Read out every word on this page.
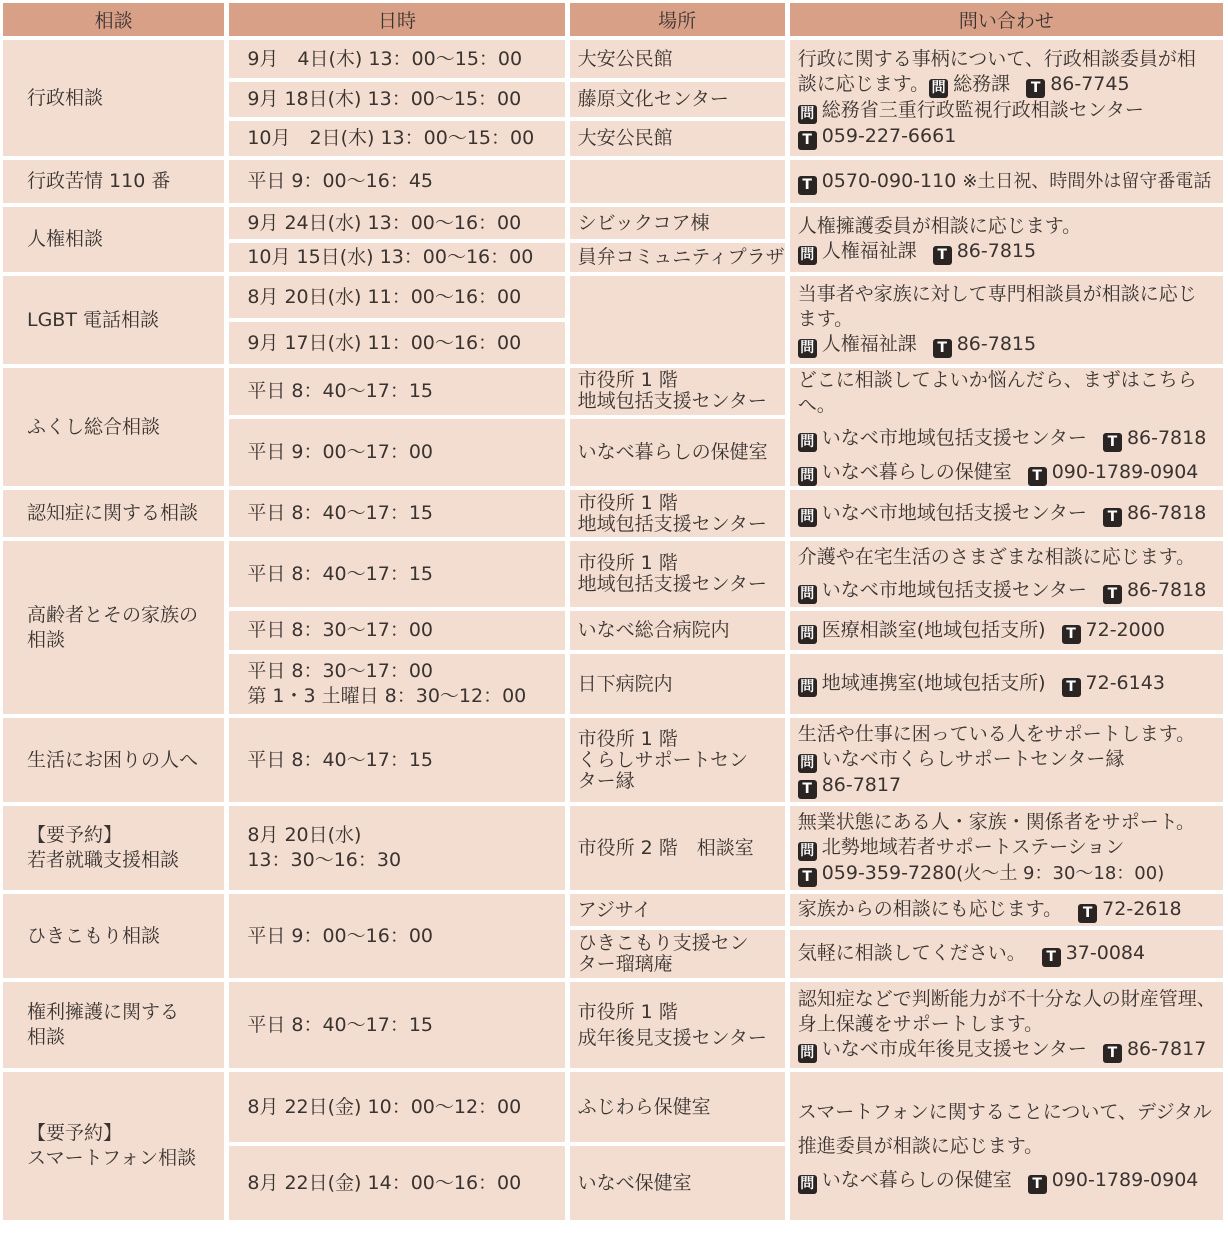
相談	日時	場所	問い合わせ
行政相談	9月　4日(木) 13：00～15：00	大安公民館	行政に関する事柄について、行政相談委員が相
談に応じます。 問 総務課 T 86-7745
問 総務省三重行政監視行政相談センター
T 059-227-6661

	9月 18日(木) 13：00～15：00	藤原文化センター	
	10月　2日(木) 13：00～15：00	大安公民館	
行政苦情 110 番	平日 9：00～16：45		T 0570-090-110 ※土日祝、時間外は留守番電話
人権相談	9月 24日(水) 13：00～16：00	シビックコア棟	人権擁護委員が相談に応じます。
問 人権福祉課 T 86-7815

	10月 15日(水) 13：00～16：00	員弁コミュニティプラザ	
LGBT 電話相談	8月 20日(水) 11：00～16：00		当事者や家族に対して専門相談員が相談に応じ
ます。
問 人権福祉課 T 86-7815

	9月 17日(水) 11：00～16：00		
ふくし総合相談	平日 8：40～17：15	市役所 1 階
地域包括支援センター	どこに相談してよいか悩んだら、まずはこちらへ。
問 いなべ市地域包括支援センター T 86-7818
問 いなべ暮らしの保健室 T 090-1789-0904

	平日 9：00～17：00	いなべ暮らしの保健室	
認知症に関する相談	平日 8：40～17：15	市役所 1 階
地域包括支援センター	問 いなべ市地域包括支援センター T 86-7818

高齢者とその家族の
相談	平日 8：40～17：15	市役所 1 階
地域包括支援センター	介護や在宅生活のさまざまな相談に応じます。
問 いなべ市地域包括支援センター T 86-7818

	平日 8：30～17：00	いなべ総合病院内	問 医療相談室(地域包括支所) T 72-2000

	平日 8：30～17：00
第 1・3 土曜日 8：30～12：00	日下病院内	問 地域連携室(地域包括支所) T 72-6143
生活にお困りの人へ	平日 8：40～17：15	市役所 1 階
くらしサポートセン
ター縁	生活や仕事に困っている人をサポートします。
問 いなべ市くらしサポートセンター縁
T 86-7817

【要予約】
若者就職支援相談	8月 20日(水)
13：30～16：30	市役所 2 階　相談室	無業状態にある人・家族・関係者をサポート。
問 北勢地域若者サポートステーション
T 059-359-7280(火～土 9：30～18：00)

ひきこもり相談	平日 9：00～16：00	アジサイ	家族からの相談にも応じます。 T 72-2618

		ひきこもり支援セン
ター瑠璃庵	気軽に相談してください。 T 37-0084

権利擁護に関する
相談	平日 8：40～17：15	市役所 1 階
成年後見支援センター	認知症などで判断能力が不十分な人の財産管理、
身上保護をサポートします。
問 いなべ市成年後見支援センター T 86-7817

【要予約】
スマートフォン相談	8月 22日(金) 10：00～12：00	ふじわら保健室	スマートフォンに関することについて、デジタル
推進委員が相談に応じます。
問 いなべ暮らしの保健室 T 090-1789-0904

	8月 22日(金) 14：00～16：00	いなべ保健室	
